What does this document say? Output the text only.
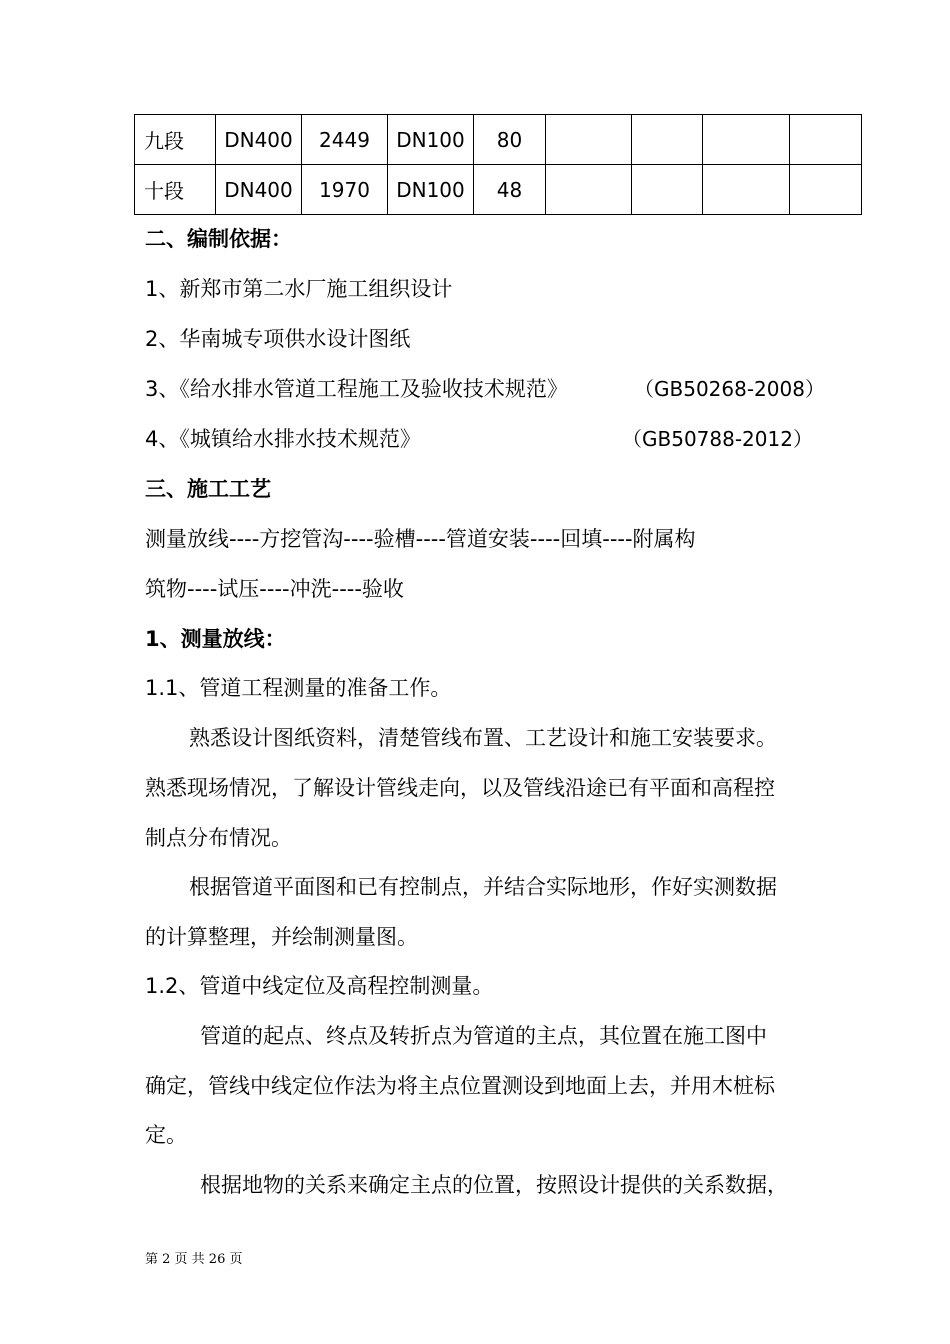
九段	DN400	2449	DN100	80				
十段	DN400	1970	DN100	48				
二、编制依据：
1、新郑市第二水厂施工组织设计
2、华南城专项供水设计图纸
3、《给水排水管道工程施工及验收技术规范》	（GB50268-2008）
4、《城镇给水排水技术规范》	（GB50788-2012）
三、施工工艺
测量放线----方挖管沟----验槽----管道安装----回填----附属构
筑物----试压----冲洗----验收
1、测量放线：
1.1、管道工程测量的准备工作。
熟悉设计图纸资料，清楚管线布置、工艺设计和施工安装要求。
熟悉现场情况，了解设计管线走向，以及管线沿途已有平面和高程控
制点分布情况。
根据管道平面图和已有控制点，并结合实际地形，作好实测数据
的计算整理，并绘制测量图。
1.2、管道中线定位及高程控制测量。
管道的起点、终点及转折点为管道的主点，其位置在施工图中
确定，管线中线定位作法为将主点位置测设到地面上去，并用木桩标
定。
根据地物的关系来确定主点的位置，按照设计提供的关系数据，
第 2 页 共 26 页
